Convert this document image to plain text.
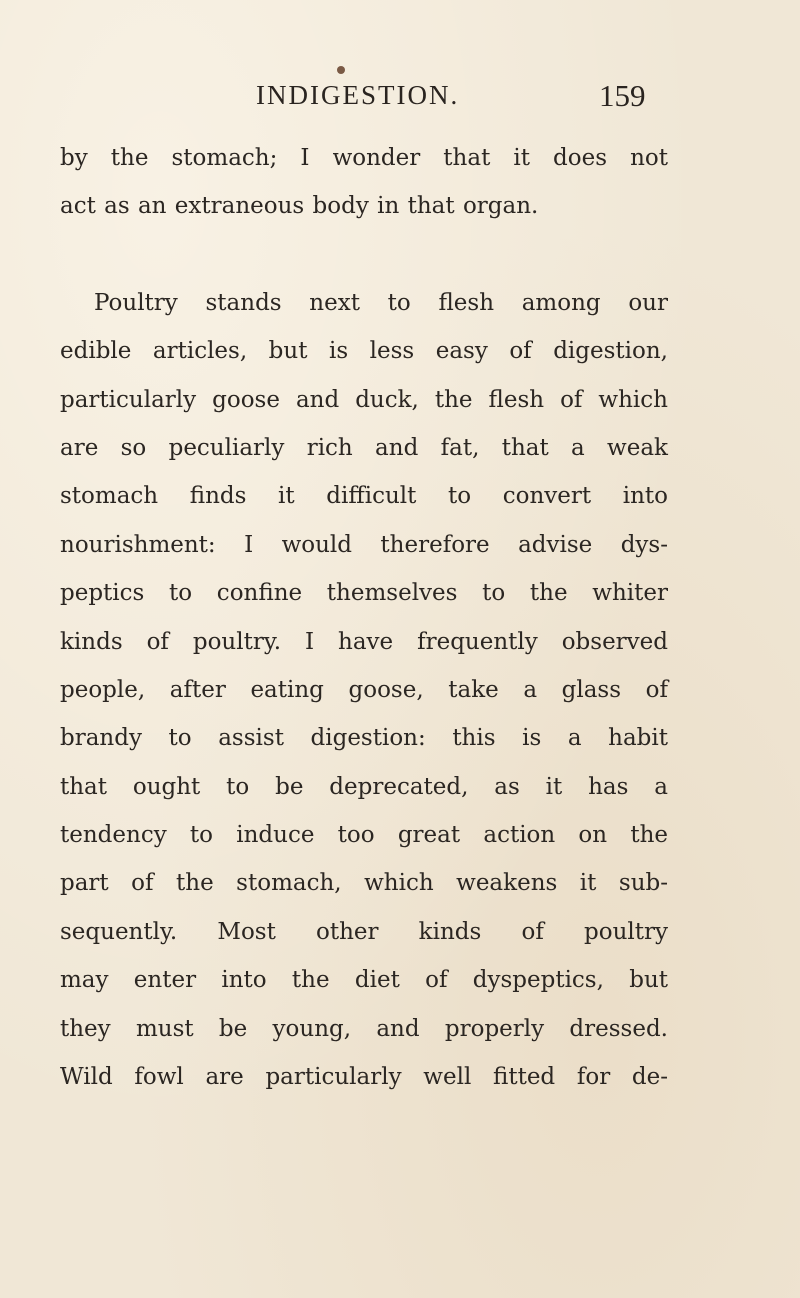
INDIGESTION.	159
by the stomach; I wonder that it does not
act as an extraneous body in that organ.
Poultry stands next to flesh among our
edible articles, but is less easy of digestion,
particularly goose and duck, the flesh of which
are so peculiarly rich and fat, that a weak
stomach finds it difficult to convert into
nourishment: I would therefore advise dys-
peptics to confine themselves to the whiter
kinds of poultry. I have frequently observed
people, after eating goose, take a glass of
brandy to assist digestion: this is a habit
that ought to be deprecated, as it has a
tendency to induce too great action on the
part of the stomach, which weakens it sub-
sequently. Most other kinds of poultry
may enter into the diet of dyspeptics, but
they must be young, and properly dressed.
Wild fowl are particularly well fitted for de-
